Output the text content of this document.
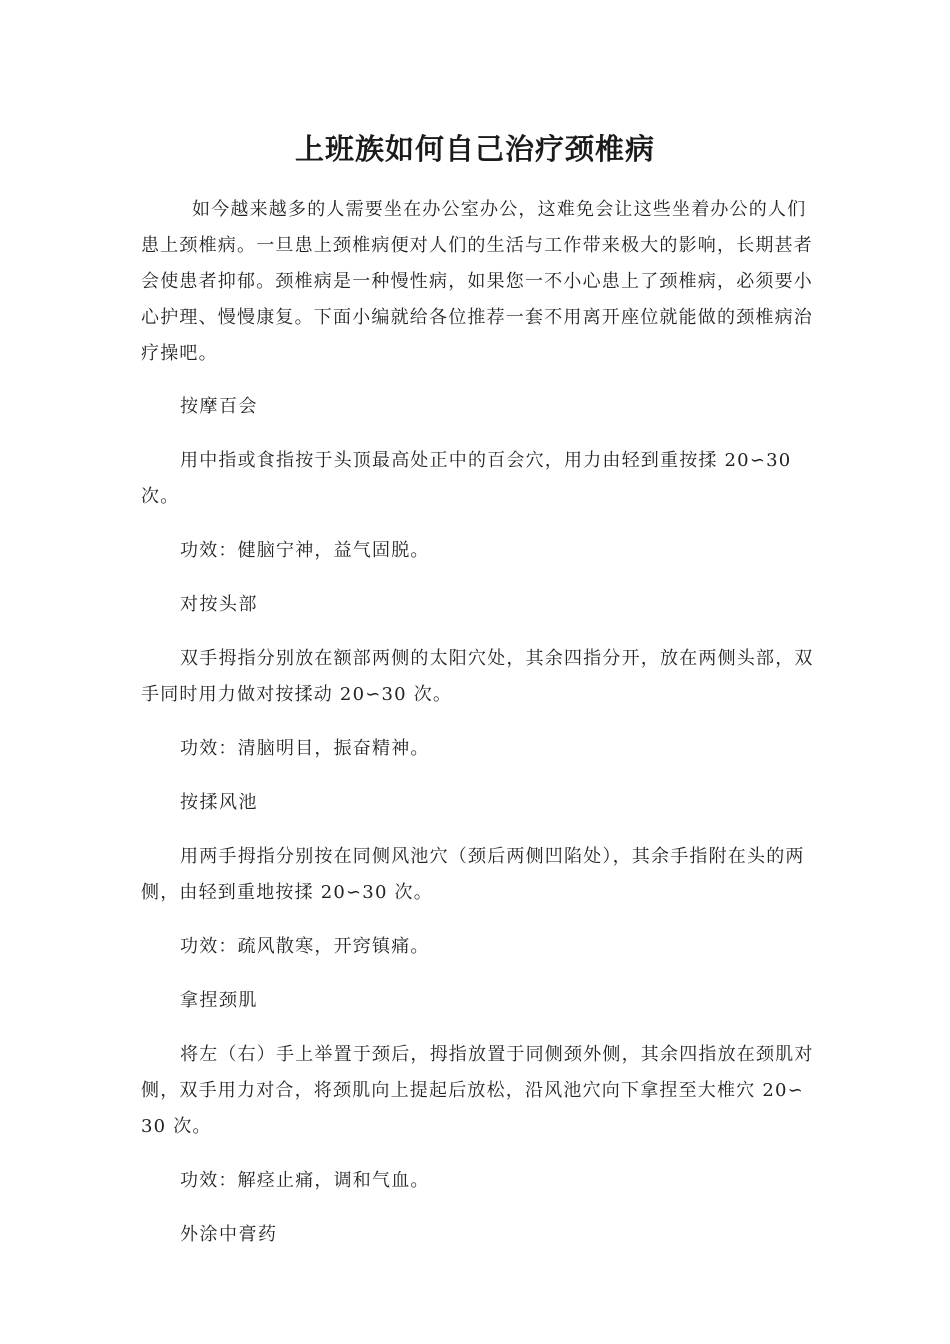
上班族如何自己治疗颈椎病

如今越来越多的人需要坐在办公室办公，这难免会让这些坐着办公的人们患上颈椎病。一旦患上颈椎病便对人们的生活与工作带来极大的影响，长期甚者会使患者抑郁。颈椎病是一种慢性病，如果您一不小心患上了颈椎病，必须要小心护理、慢慢康复。下面小编就给各位推荐一套不用离开座位就能做的颈椎病治疗操吧。

按摩百会

用中指或食指按于头顶最高处正中的百会穴，用力由轻到重按揉 20∽30 次。

功效：健脑宁神，益气固脱。

对按头部

双手拇指分别放在额部两侧的太阳穴处，其余四指分开，放在两侧头部，双手同时用力做对按揉动 20∽30 次。

功效：清脑明目，振奋精神。

按揉风池

用两手拇指分别按在同侧风池穴（颈后两侧凹陷处），其余手指附在头的两侧，由轻到重地按揉 20∽30 次。

功效：疏风散寒，开窍镇痛。

拿捏颈肌

将左（右）手上举置于颈后，拇指放置于同侧颈外侧，其余四指放在颈肌对侧，双手用力对合，将颈肌向上提起后放松，沿风池穴向下拿捏至大椎穴 20∽30 次。

功效：解痉止痛，调和气血。

外涂中膏药
